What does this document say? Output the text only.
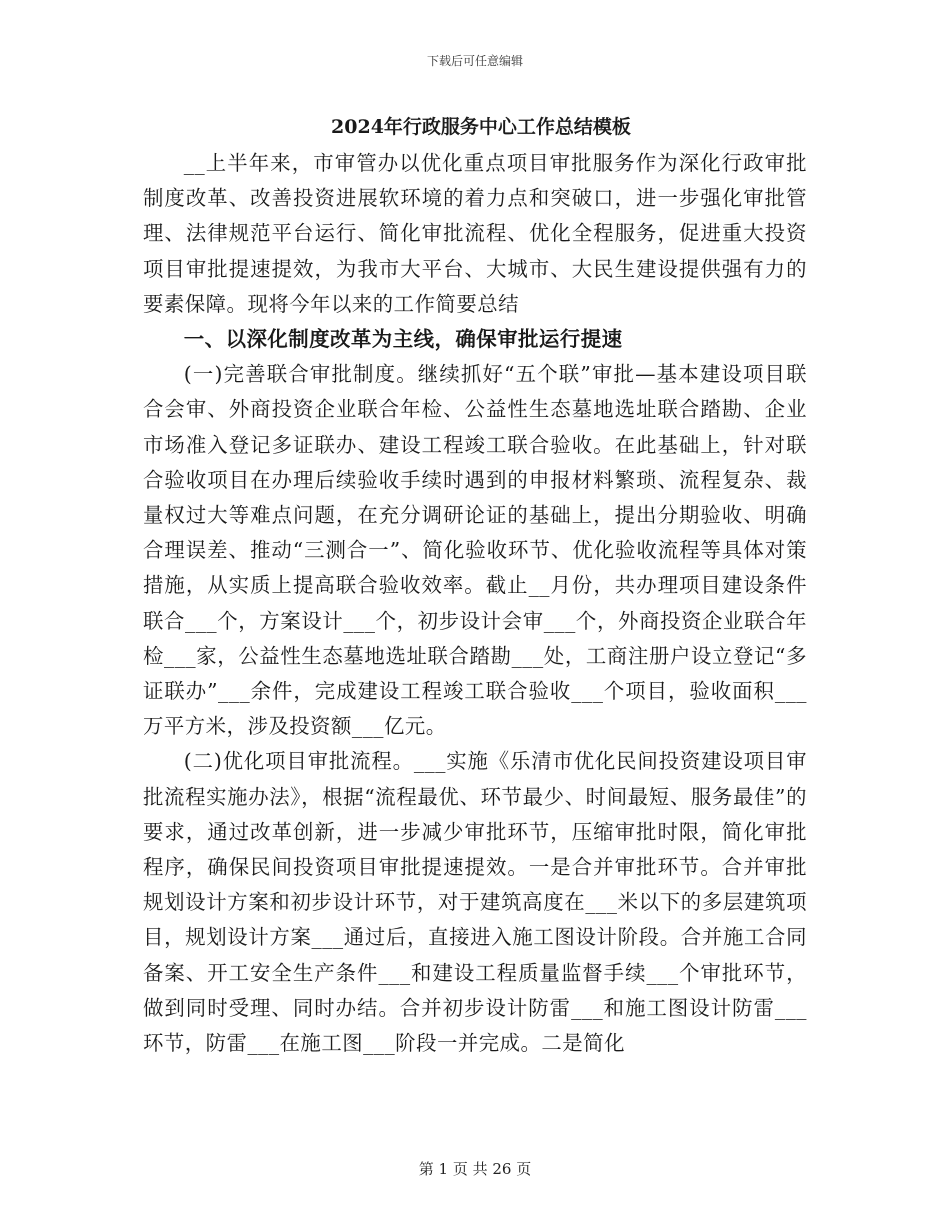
下载后可任意编辑
2024年行政服务中心工作总结模板

__上半年来，市审管办以优化重点项目审批服务作为深化行政审批制度改革、改善投资进展软环境的着力点和突破口，进一步强化审批管理、法律规范平台运行、简化审批流程、优化全程服务，促进重大投资项目审批提速提效，为我市大平台、大城市、大民生建设提供强有力的要素保障。现将今年以来的工作简要总结

一、以深化制度改革为主线，确保审批运行提速

(一)完善联合审批制度。继续抓好“五个联”审批—基本建设项目联合会审、外商投资企业联合年检、公益性生态墓地选址联合踏勘、企业市场准入登记多证联办、建设工程竣工联合验收。在此基础上，针对联合验收项目在办理后续验收手续时遇到的申报材料繁琐、流程复杂、裁量权过大等难点问题，在充分调研论证的基础上，提出分期验收、明确合理误差、推动“三测合一”、简化验收环节、优化验收流程等具体对策措施，从实质上提高联合验收效率。截止__月份，共办理项目建设条件联合___个，方案设计___个，初步设计会审___个，外商投资企业联合年检___家，公益性生态墓地选址联合踏勘___处，工商注册户设立登记“多证联办”___余件，完成建设工程竣工联合验收___个项目，验收面积___万平方米，涉及投资额___亿元。

(二)优化项目审批流程。___实施《乐清市优化民间投资建设项目审批流程实施办法》，根据“流程最优、环节最少、时间最短、服务最佳”的要求，通过改革创新，进一步减少审批环节，压缩审批时限，简化审批程序，确保民间投资项目审批提速提效。一是合并审批环节。合并审批规划设计方案和初步设计环节，对于建筑高度在___米以下的多层建筑项目，规划设计方案___通过后，直接进入施工图设计阶段。合并施工合同备案、开工安全生产条件___和建设工程质量监督手续___个审批环节，做到同时受理、同时办结。合并初步设计防雷___和施工图设计防雷___环节，防雷___在施工图___阶段一并完成。二是简化

第 1 页 共 26 页
